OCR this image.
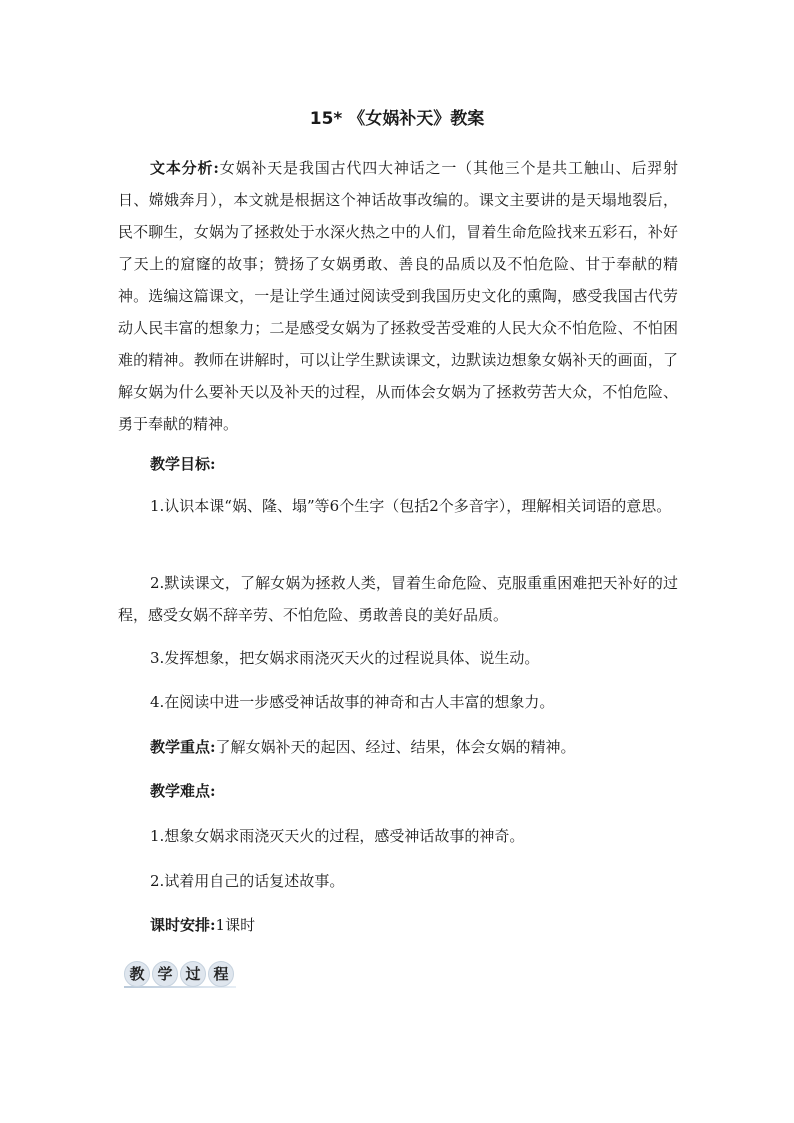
15* 《女娲补天》教案

文本分析:女娲补天是我国古代四大神话之一（其他三个是共工触山、后羿射日、嫦娥奔月），本文就是根据这个神话故事改编的。课文主要讲的是天塌地裂后，民不聊生，女娲为了拯救处于水深火热之中的人们，冒着生命危险找来五彩石，补好了天上的窟窿的故事；赞扬了女娲勇敢、善良的品质以及不怕危险、甘于奉献的精神。选编这篇课文，一是让学生通过阅读受到我国历史文化的熏陶，感受我国古代劳动人民丰富的想象力；二是感受女娲为了拯救受苦受难的人民大众不怕危险、不怕困难的精神。教师在讲解时，可以让学生默读课文，边默读边想象女娲补天的画面，了解女娲为什么要补天以及补天的过程，从而体会女娲为了拯救劳苦大众，不怕危险、勇于奉献的精神。

教学目标:

1.认识本课“娲、隆、塌”等6个生字（包括2个多音字），理解相关词语的意思。

2.默读课文，了解女娲为拯救人类，冒着生命危险、克服重重困难把天补好的过程，感受女娲不辞辛劳、不怕危险、勇敢善良的美好品质。

3.发挥想象，把女娲求雨浇灭天火的过程说具体、说生动。

4.在阅读中进一步感受神话故事的神奇和古人丰富的想象力。

教学重点:了解女娲补天的起因、经过、结果，体会女娲的精神。

教学难点:

1.想象女娲求雨浇灭天火的过程，感受神话故事的神奇。

2.试着用自己的话复述故事。

课时安排:1课时

教 学 过 程
